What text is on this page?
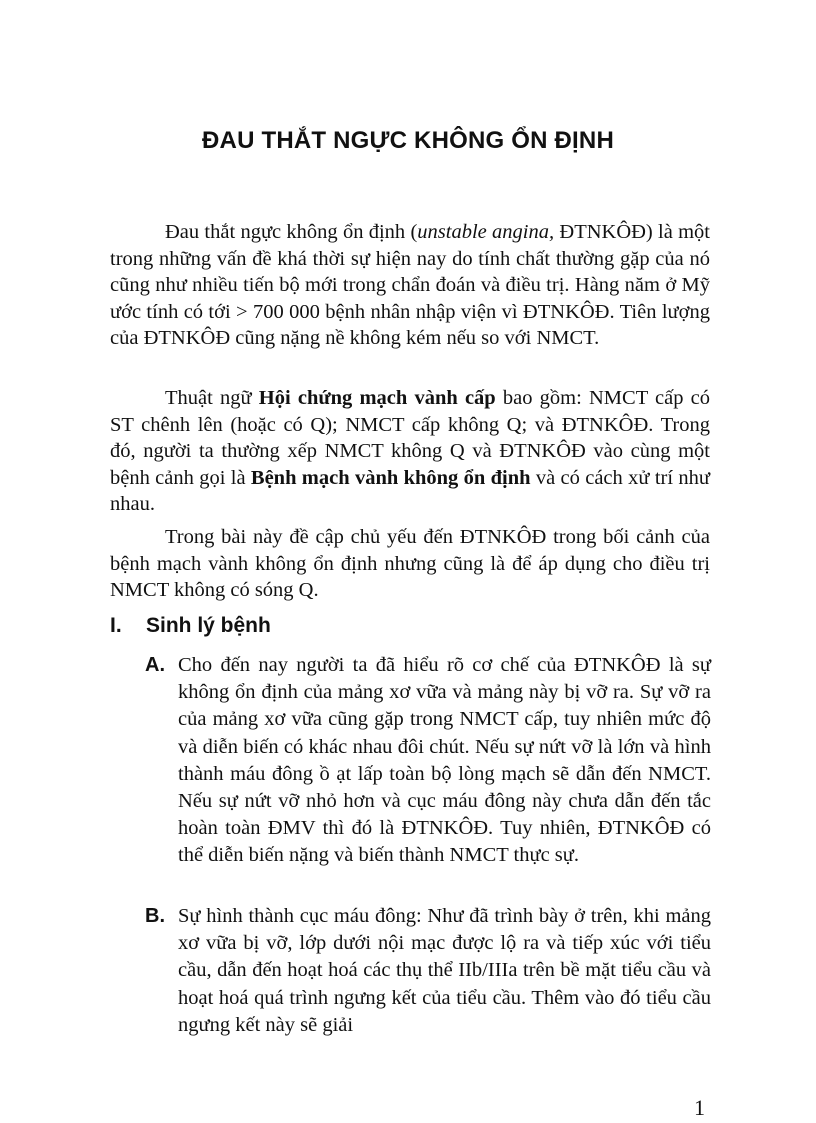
ĐAU THẮT NGỰC KHÔNG ỔN ĐỊNH

Đau thắt ngực không ổn định (unstable angina, ĐTNKÔĐ) là một trong những vấn đề khá thời sự hiện nay do tính chất thường gặp của nó cũng như nhiều tiến bộ mới trong chẩn đoán và điều trị. Hàng năm ở Mỹ ước tính có tới > 700 000 bệnh nhân nhập viện vì ĐTNKÔĐ. Tiên lượng của ĐTNKÔĐ cũng nặng nề không kém nếu so với NMCT.

Thuật ngữ Hội chứng mạch vành cấp bao gồm: NMCT cấp có ST chênh lên (hoặc có Q); NMCT cấp không Q; và ĐTNKÔĐ. Trong đó, người ta thường xếp NMCT không Q và ĐTNKÔĐ vào cùng một bệnh cảnh gọi là Bệnh mạch vành không ổn định và có cách xử trí như nhau.

Trong bài này đề cập chủ yếu đến ĐTNKÔĐ trong bối cảnh của bệnh mạch vành không ổn định nhưng cũng là để áp dụng cho điều trị NMCT không có sóng Q.

I. Sinh lý bệnh
A. Cho đến nay người ta đã hiểu rõ cơ chế của ĐTNKÔĐ là sự không ổn định của mảng xơ vữa và mảng này bị vỡ ra. Sự vỡ ra của mảng xơ vữa cũng gặp trong NMCT cấp, tuy nhiên mức độ và diễn biến có khác nhau đôi chút. Nếu sự nứt vỡ là lớn và hình thành máu đông ồ ạt lấp toàn bộ lòng mạch sẽ dẫn đến NMCT. Nếu sự nứt vỡ nhỏ hơn và cục máu đông này chưa dẫn đến tắc hoàn toàn ĐMV thì đó là ĐTNKÔĐ. Tuy nhiên, ĐTNKÔĐ có thể diễn biến nặng và biến thành NMCT thực sự.

B. Sự hình thành cục máu đông: Như đã trình bày ở trên, khi mảng xơ vữa bị vỡ, lớp dưới nội mạc được lộ ra và tiếp xúc với tiểu cầu, dẫn đến hoạt hoá các thụ thể IIb/IIIa trên bề mặt tiểu cầu và hoạt hoá quá trình ngưng kết của tiểu cầu. Thêm vào đó tiểu cầu ngưng kết này sẽ giải

1
